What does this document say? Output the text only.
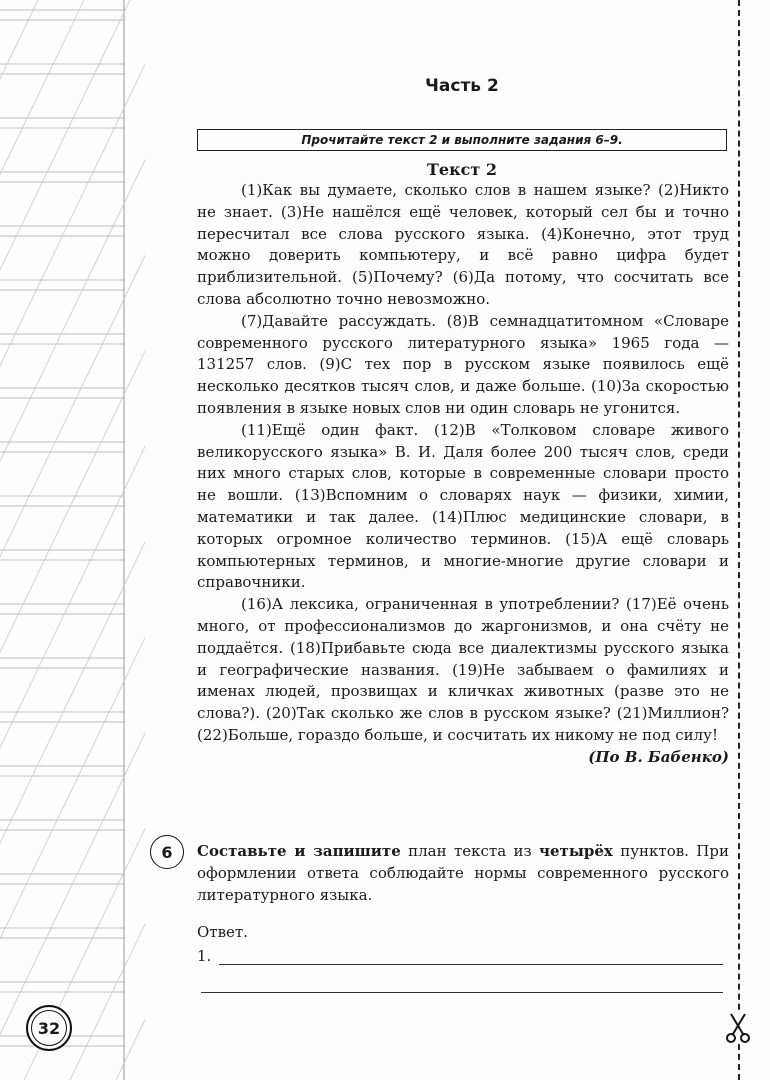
32
Часть 2
Прочитайте текст 2 и выполните задания 6–9.
Текст 2

(1)Как вы думаете, сколько слов в нашем языке? (2)Никто не знает. (3)Не нашёлся ещё человек, который сел бы и точно пересчитал все слова русского языка. (4)Конечно, этот труд можно доверить компьютеру, и всё равно цифра будет приблизительной. (5)Почему? (6)Да потому, что сосчитать все слова абсолютно точно невозможно.

(7)Давайте рассуждать. (8)В семнадцатитомном «Словаре современного русского литературного языка» 1965 года — 131257 слов. (9)С тех пор в русском языке появилось ещё несколько десятков тысяч слов, и даже больше. (10)За скоростью появления в языке новых слов ни один словарь не угонится.

(11)Ещё один факт. (12)В «Толковом словаре живого великорусского языка» В. И. Даля более 200 тысяч слов, среди них много старых слов, которые в современные словари просто не вошли. (13)Вспомним о словарях наук — физики, химии, математики и так далее. (14)Плюс медицинские словари, в которых огромное количество терминов. (15)А ещё словарь компьютерных терминов, и многие-многие другие словари и справочники.

(16)А лексика, ограниченная в употреблении? (17)Её очень много, от профессионализмов до жаргонизмов, и она счёту не поддаётся. (18)Прибавьте сюда все диалектизмы русского языка и географические названия. (19)Не забываем о фамилиях и именах людей, прозвищах и кличках животных (разве это не слова?). (20)Так сколько же слов в русском языке? (21)Миллион? (22)Больше, гораздо больше, и сосчитать их никому не под силу!

(По В. Бабенко)

6 Составьте и запишите план текста из четырёх пунктов. При оформлении ответа соблюдайте нормы современного русского литературного языка.
Ответ.
1.
